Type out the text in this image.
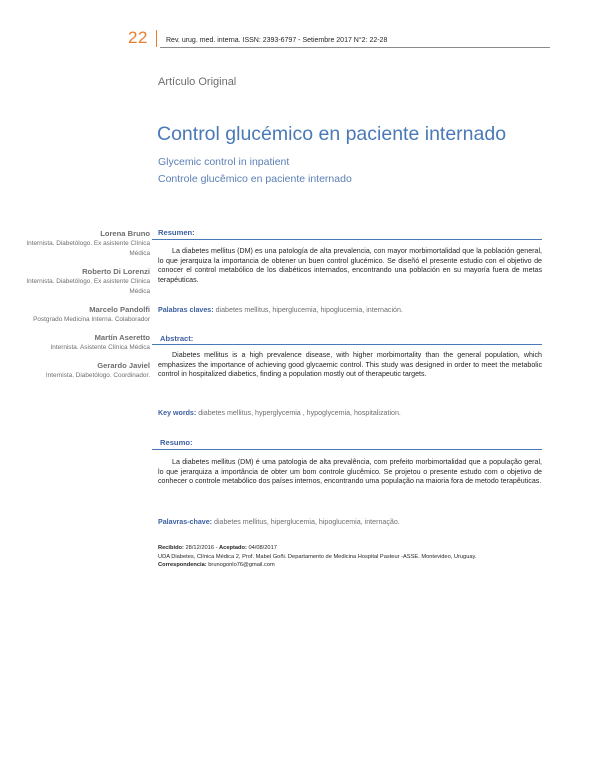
22	Rev. urug. med. interna. ISSN: 2393-6797 - Setiembre 2017 N°2: 22-28
Artículo Original
Control glucémico en paciente internado
Glycemic control in inpatient
Controle glucêmico en paciente internado
Lorena Bruno
Internista. Diabetólogo. Ex asistente Clínica Médica
Roberto Di Lorenzi
Internista. Diabetólogo. Ex asistente Clínica Médica
Marcelo Pandolfi
Postgrado Medicina Interna. Colaborador
Martín Aseretto
Internista. Asistente Clínica Médica
Gerardo Javiel
Internista. Diabetólogo. Coordinador.
Resumen:
La diabetes mellitus (DM) es una patología de alta prevalencia, con mayor morbimortalidad que la población general, lo que jerarquiza la importancia de obtener un buen control glucémico. Se diseñó el presente estudio con el objetivo de conocer el control metabólico de los diabéticos internados, encontrando una población en su mayoría fuera de metas terapéuticas.
Palabras claves: diabetes mellitus, hiperglucemia, hipoglucemia, internación.
Abstract:
Diabetes mellitus is a high prevalence disease, with higher morbimortality than the general population, which emphasizes the importance of achieving good glycaemic control. This study was designed in order to meet the metabolic control in hospitalized diabetics, finding a population mostly out of therapeutic targets.
Key words: diabetes mellitus, hyperglycemia , hypoglycemia, hospitalization.
Resumo:
La diabetes mellitus (DM) é uma patologia de alta prevalência, com prefeito morbimortalidad que a população geral, lo que jerarquiza a importância de obter um bom controle glucêmico. Se projetou o presente estudo com o objetivo de conhecer o controle metabólico dos países internos, encontrando uma população na maioria fora de metodo terapêuticas.
Palavras-chave: diabetes mellitus, hiperglucemia, hipoglucemia, internação.
Recibido: 28/12/2016 - Aceptado: 04/08/2017
UDA Diabetes, Clínica Médica 2, Prof. Mabel Goñi. Departamento de Medicina Hospital Pasteur -ASSE. Montevideo, Uruguay.
Correspondencia: brunogonlo76@gmail.com
